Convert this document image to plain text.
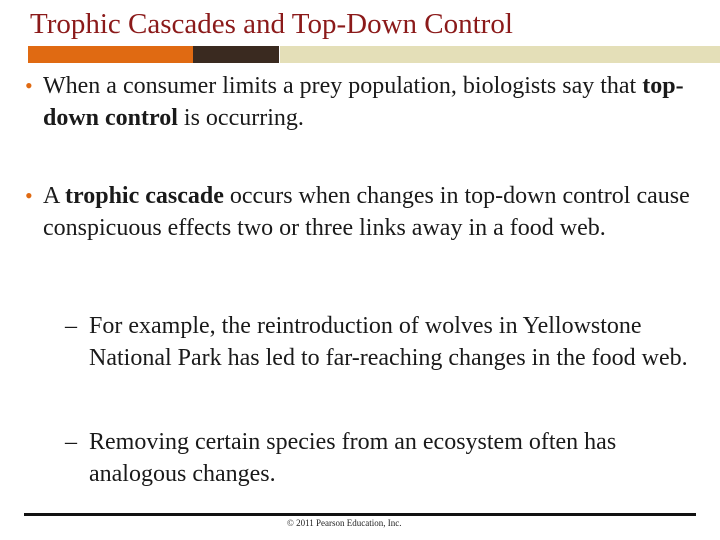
Trophic Cascades and Top-Down Control
• When a consumer limits a prey population, biologists say that top-down control is occurring.
• A trophic cascade occurs when changes in top-down control cause conspicuous effects two or three links away in a food web.
– For example, the reintroduction of wolves in Yellowstone National Park has led to far-reaching changes in the food web.
– Removing certain species from an ecosystem often has analogous changes.
© 2011 Pearson Education, Inc.
